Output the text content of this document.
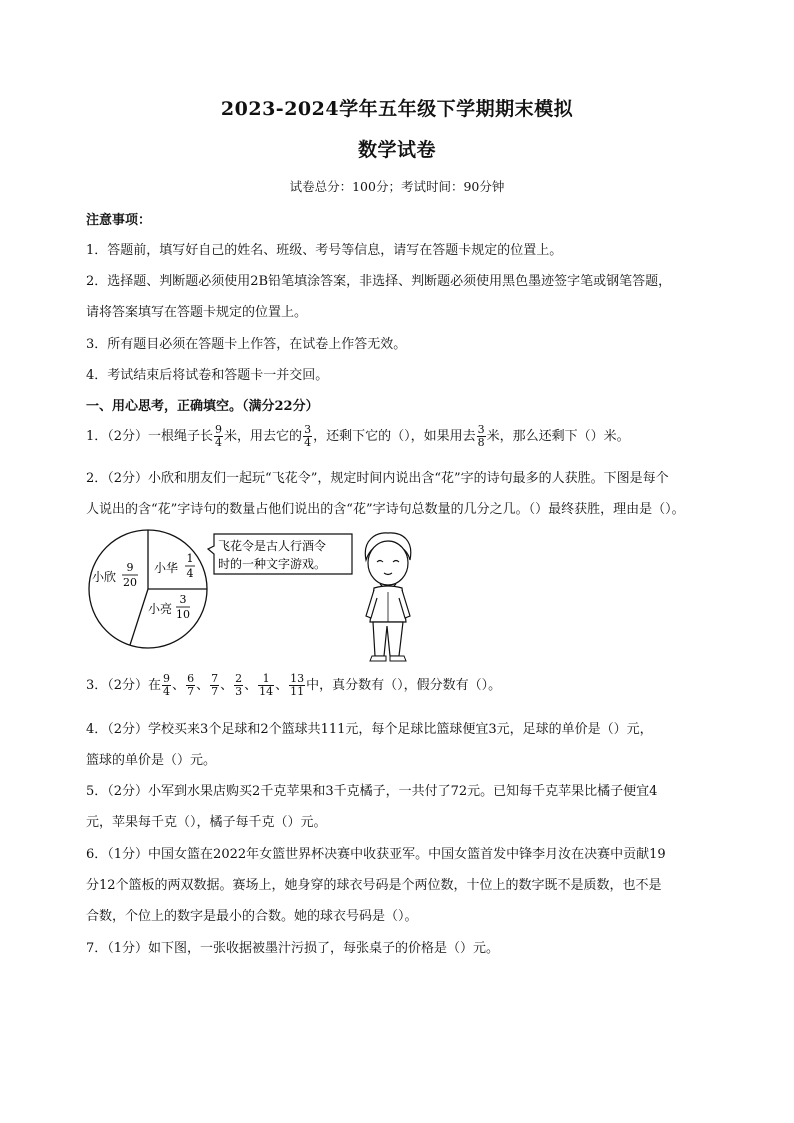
2023-2024学年五年级下学期期末模拟
数学试卷
试卷总分：100分；考试时间：90分钟
注意事项：
1．答题前，填写好自己的姓名、班级、考号等信息，请写在答题卡规定的位置上。
2．选择题、判断题必须使用2B铅笔填涂答案，非选择、判断题必须使用黑色墨迹签字笔或钢笔答题，
请将答案填写在答题卡规定的位置上。
3．所有题目必须在答题卡上作答，在试卷上作答无效。
4．考试结束后将试卷和答题卡一并交回。
一、用心思考，正确填空。（满分22分）
1．（2分）一根绳子长 $\frac{9}{4}$ 米，用去它的 $\frac{3}{4}$ ，还剩下它的（），如果用去 $\frac{3}{8}$ 米，那么还剩下（）米。
2．（2分）小欣和朋友们一起玩“飞花令”，规定时间内说出含“花”字的诗句最多的人获胜。下图是每个
人说出的含“花”字诗句的数量占他们说出的含“花”字诗句总数量的几分之几。（）最终获胜，理由是（）。
小欣
9
20
小华
1
4
小亮
3
10
飞花令是古人行酒令
时的一种文字游戏。
3．（2分）在 $\frac{9}{4}$ 、 $\frac{6}{7}$ 、 $\frac{7}{7}$ 、 $\frac{2}{3}$ 、 $\frac{1}{14}$ 、 $\frac{13}{11}$ 中，真分数有（），假分数有（）。
4．（2分）学校买来3个足球和2个篮球共111元，每个足球比篮球便宜3元，足球的单价是（）元，
篮球的单价是（）元。
5．（2分）小军到水果店购买2千克苹果和3千克橘子，一共付了72元。已知每千克苹果比橘子便宜4
元，苹果每千克（），橘子每千克（）元。
6．（1分）中国女篮在2022年女篮世界杯决赛中收获亚军。中国女篮首发中锋李月汝在决赛中贡献19
分12个篮板的两双数据。赛场上，她身穿的球衣号码是个两位数，十位上的数字既不是质数，也不是
合数，个位上的数字是最小的合数。她的球衣号码是（）。
7．（1分）如下图，一张收据被墨汁污损了，每张桌子的价格是（）元。
